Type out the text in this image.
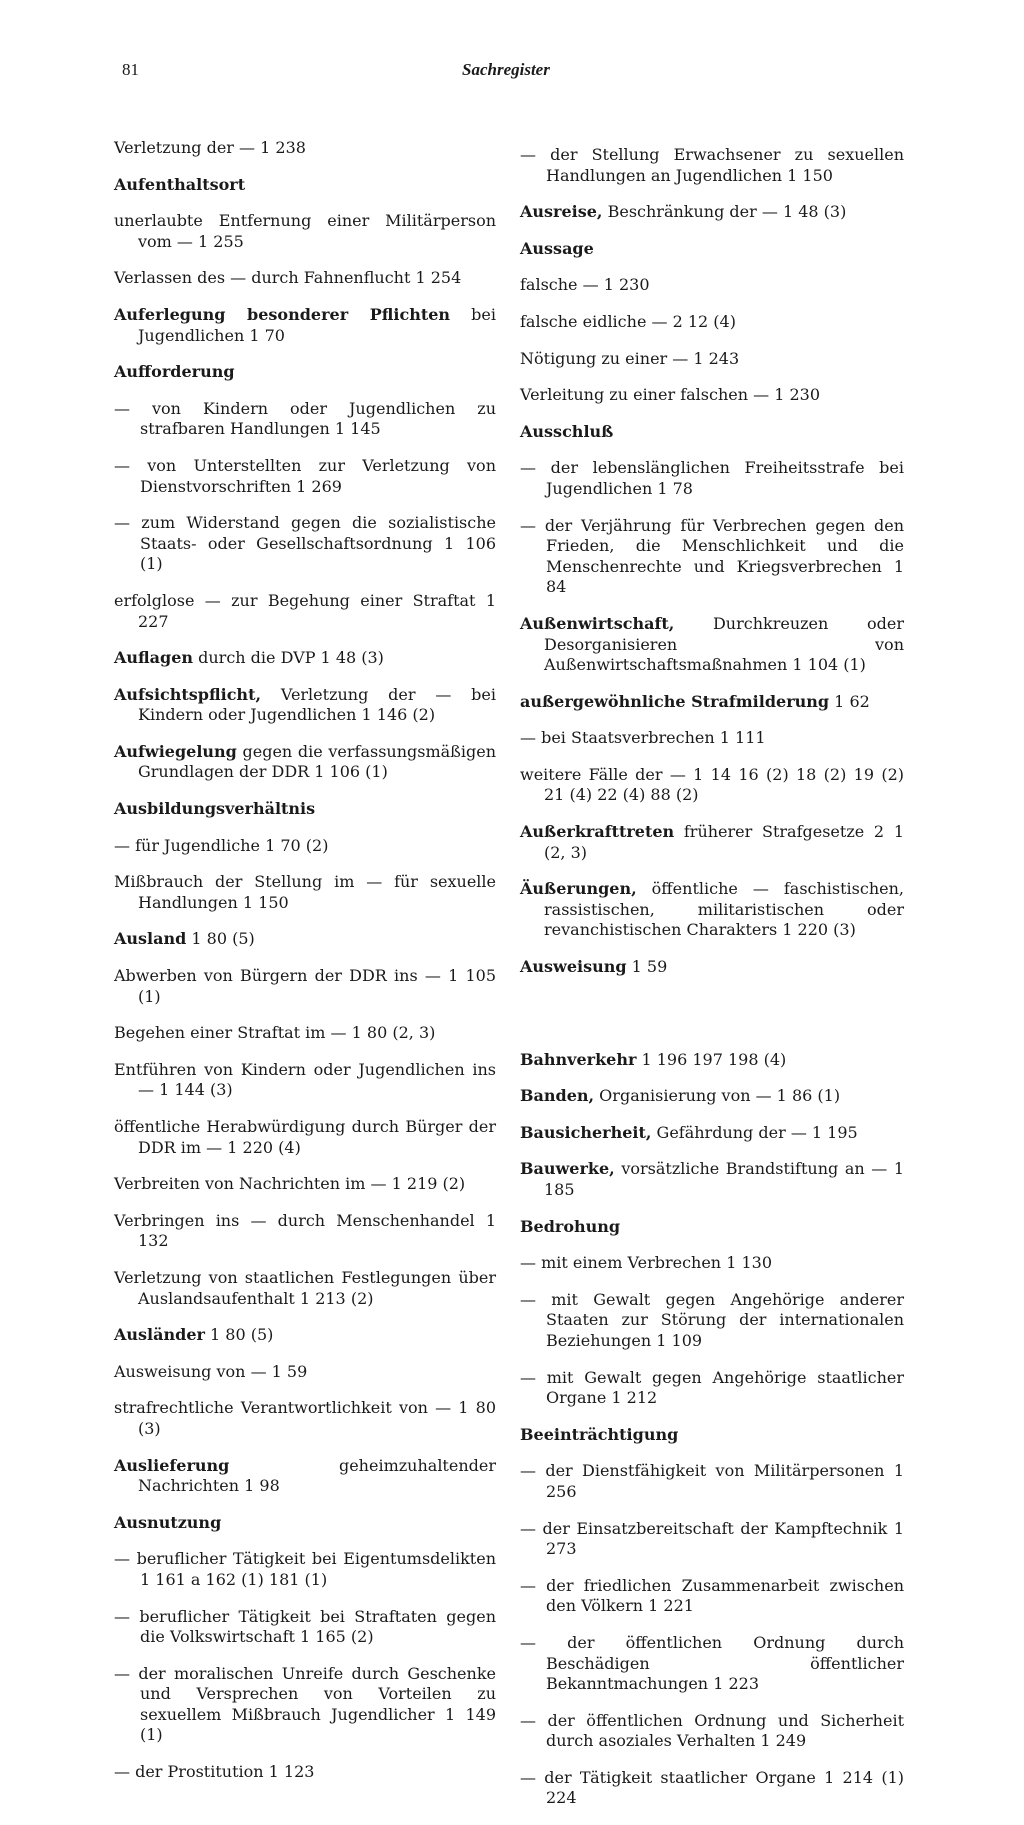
81	Sachregister

Verletzung der — 1 238

Aufenthaltsort

unerlaubte Entfernung einer Militärperson vom — 1 255

Verlassen des — durch Fahnenflucht 1 254

Auferlegung besonderer Pflichten bei Jugendlichen 1 70

Aufforderung

— von Kindern oder Jugendlichen zu strafbaren Handlungen 1 145

— von Unterstellten zur Verletzung von Dienstvorschriften 1 269

— zum Widerstand gegen die sozialistische Staats- oder Gesellschaftsordnung 1 106 (1)

erfolglose — zur Begehung einer Straftat 1 227

Auflagen durch die DVP 1 48 (3)

Aufsichtspflicht, Verletzung der — bei Kindern oder Jugendlichen 1 146 (2)

Aufwiegelung gegen die verfassungsmäßigen Grundlagen der DDR 1 106 (1)

Ausbildungsverhältnis

— für Jugendliche 1 70 (2)

Mißbrauch der Stellung im — für sexuelle Handlungen 1 150

Ausland 1 80 (5)

Abwerben von Bürgern der DDR ins — 1 105 (1)

Begehen einer Straftat im — 1 80 (2, 3)

Entführen von Kindern oder Jugendlichen ins — 1 144 (3)

öffentliche Herabwürdigung durch Bürger der DDR im — 1 220 (4)

Verbreiten von Nachrichten im — 1 219 (2)

Verbringen ins — durch Menschenhandel 1 132

Verletzung von staatlichen Festlegungen über Auslandsaufenthalt 1 213 (2)

Ausländer 1 80 (5)

Ausweisung von — 1 59

strafrechtliche Verantwortlichkeit von — 1 80 (3)

Auslieferung geheimzuhaltender Nachrichten 1 98

Ausnutzung

— beruflicher Tätigkeit bei Eigentumsdelikten 1 161 a 162 (1) 181 (1)

— beruflicher Tätigkeit bei Straftaten gegen die Volkswirtschaft 1 165 (2)

— der moralischen Unreife durch Geschenke und Versprechen von Vorteilen zu sexuellem Mißbrauch Jugendlicher 1 149 (1)

— der Prostitution 1 123

— der Stellung Erwachsener zu sexuellen Handlungen an Jugendlichen 1 150

Ausreise, Beschränkung der — 1 48 (3)

Aussage

falsche — 1 230

falsche eidliche — 2 12 (4)

Nötigung zu einer — 1 243

Verleitung zu einer falschen — 1 230

Ausschluß

— der lebenslänglichen Freiheitsstrafe bei Jugendlichen 1 78

— der Verjährung für Verbrechen gegen den Frieden, die Menschlichkeit und die Menschenrechte und Kriegsverbrechen 1 84

Außenwirtschaft, Durchkreuzen oder Desorganisieren von Außenwirtschaftsmaßnahmen 1 104 (1)

außergewöhnliche Strafmilderung 1 62

— bei Staatsverbrechen 1 111

weitere Fälle der — 1 14 16 (2) 18 (2) 19 (2) 21 (4) 22 (4) 88 (2)

Außerkrafttreten früherer Strafgesetze 2 1 (2, 3)

Äußerungen, öffentliche — faschistischen, rassistischen, militaristischen oder revanchistischen Charakters 1 220 (3)

Ausweisung 1 59

Bahnverkehr 1 196 197 198 (4)

Banden, Organisierung von — 1 86 (1)

Bausicherheit, Gefährdung der — 1 195

Bauwerke, vorsätzliche Brandstiftung an — 1 185

Bedrohung

— mit einem Verbrechen 1 130

— mit Gewalt gegen Angehörige anderer Staaten zur Störung der internationalen Beziehungen 1 109

— mit Gewalt gegen Angehörige staatlicher Organe 1 212

Beeinträchtigung

— der Dienstfähigkeit von Militärpersonen 1 256

— der Einsatzbereitschaft der Kampftechnik 1 273

— der friedlichen Zusammenarbeit zwischen den Völkern 1 221

— der öffentlichen Ordnung durch Beschädigen öffentlicher Bekanntmachungen 1 223

— der öffentlichen Ordnung und Sicherheit durch asoziales Verhalten 1 249

— der Tätigkeit staatlicher Organe 1 214 (1) 224
